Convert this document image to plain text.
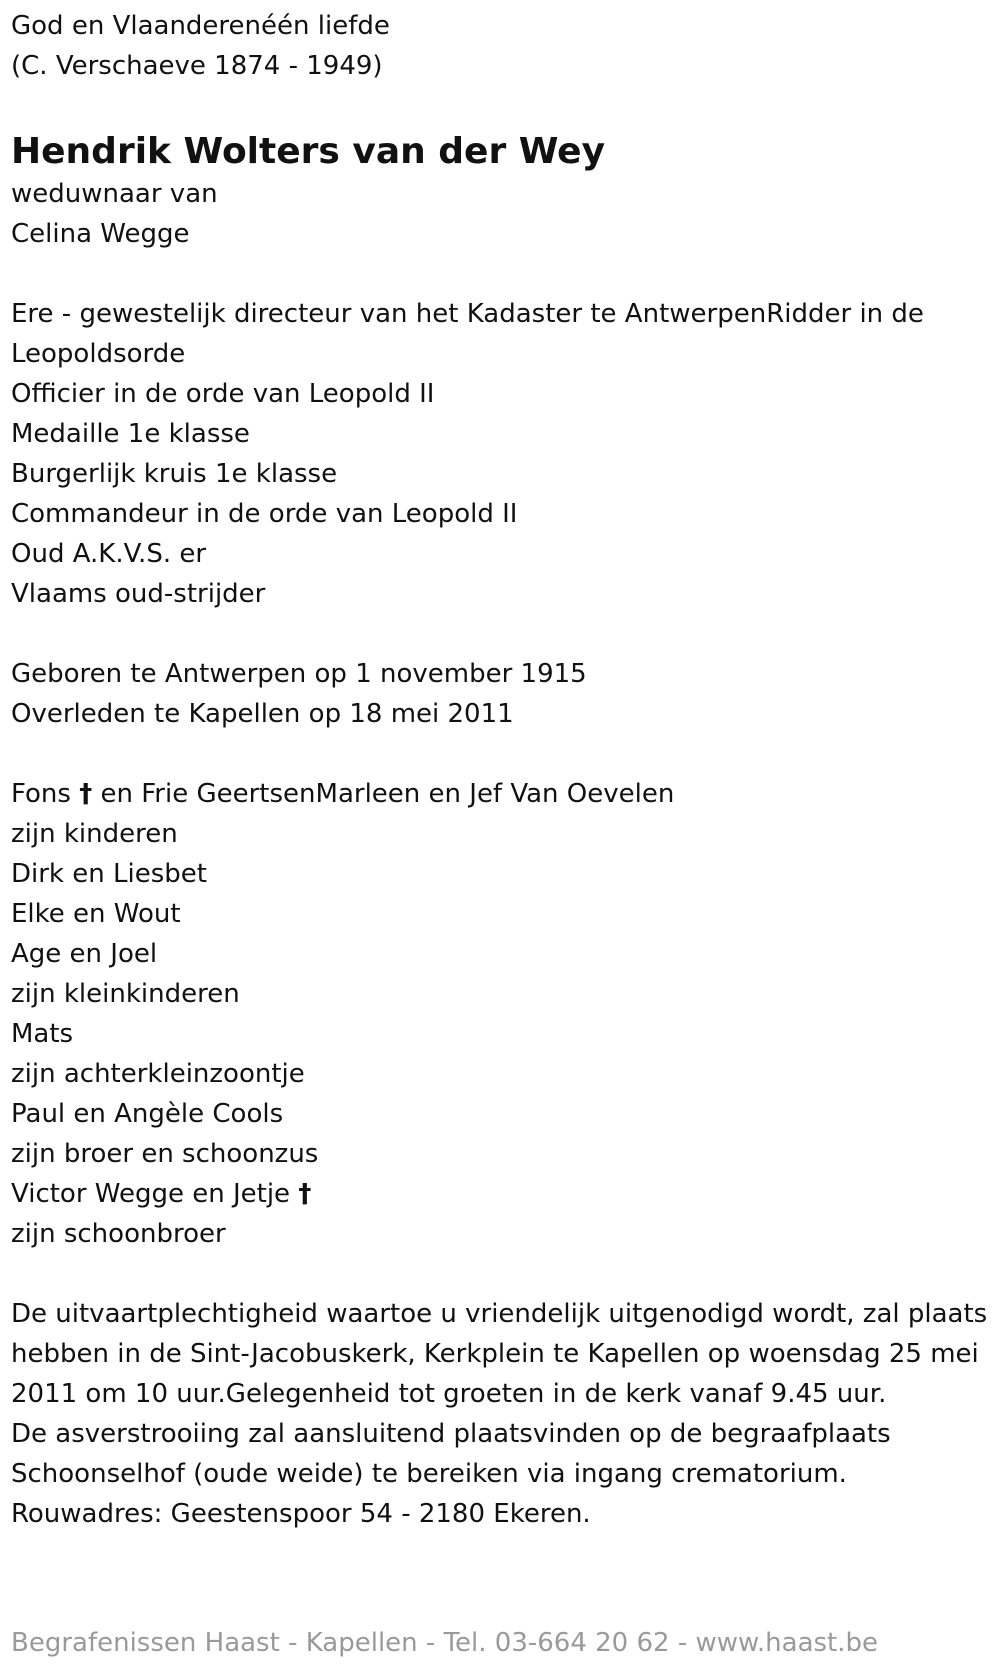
God en Vlaanderenéén liefde

(C. Verschaeve 1874 - 1949)

Hendrik Wolters van der Wey

weduwnaar van

Celina Wegge

Ere - gewestelijk directeur van het Kadaster te AntwerpenRidder in de Leopoldsorde

Officier in de orde van Leopold II

Medaille 1e klasse

Burgerlijk kruis 1e klasse

Commandeur in de orde van Leopold II

Oud A.K.V.S. er

Vlaams oud-strijder

Geboren te Antwerpen op 1 november 1915

Overleden te Kapellen op 18 mei 2011

Fons † en Frie GeertsenMarleen en Jef Van Oevelen

zijn kinderen

Dirk en Liesbet

Elke en Wout

Age en Joel

zijn kleinkinderen

Mats

zijn achterkleinzoontje

Paul en Angèle Cools

zijn broer en schoonzus

Victor Wegge en Jetje †

zijn schoonbroer

De uitvaartplechtigheid waartoe u vriendelijk uitgenodigd wordt, zal plaats hebben in de Sint-Jacobuskerk, Kerkplein te Kapellen op woensdag 25 mei 2011 om 10 uur.Gelegenheid tot groeten in de kerk vanaf 9.45 uur.

De asverstrooiing zal aansluitend plaatsvinden op de begraafplaats Schoonselhof (oude weide) te bereiken via ingang crematorium.

Rouwadres: Geestenspoor 54 - 2180 Ekeren.

Begrafenissen Haast - Kapellen - Tel. 03-664 20 62 - www.haast.be
